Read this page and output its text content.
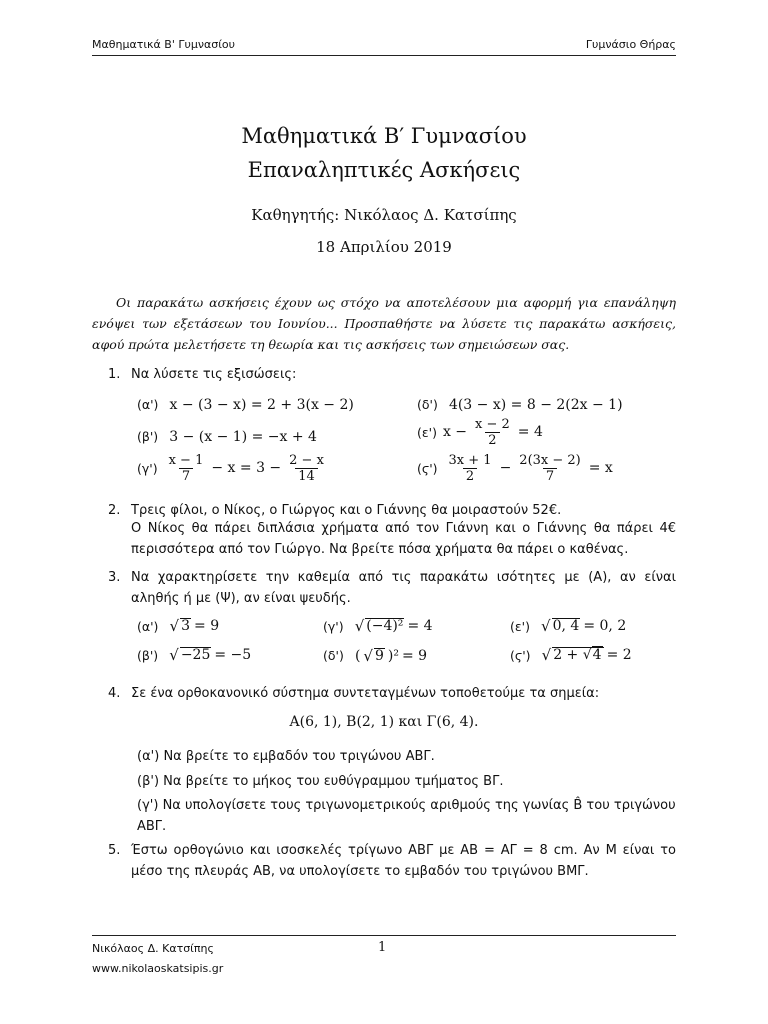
Μαθηματικά Β' Γυμνασίου	Γυμνάσιο Θήρας
Μαθηματικά Β′ Γυμνασίου
Επαναληπτικές Ασκήσεις
Καθηγητής: Νικόλαος Δ. Κατσίπης
18 Απριλίου 2019
Οι παρακάτω ασκήσεις έχουν ως στόχο να αποτελέσουν μια αφορμή για επανάληψη ενόψει των εξετάσεων του Ιουνίου... Προσπαθήστε να λύσετε τις παρακάτω ασκήσεις, αφού πρώτα μελετήσετε τη θεωρία και τις ασκήσεις των σημειώσεων σας.
1. Να λύσετε τις εξισώσεις:
(α') x − (3 − x) = 2 + 3(x − 2)
(β') 3 − (x − 1) = −x + 4
$(\gamma') \frac{x - 1}{7} - x = 3 - \frac{2 - x}{14}$
(δ') 4(3 − x) = 8 − 2(2x − 1)
(ε') $x - \frac{x - 2}{2} = 4$
$(ϛ') \frac{3x + 1}{2} - \frac{2(3x - 2)}{7} = x$
2. Τρεις φίλοι, ο Νίκος, ο Γιώργος και ο Γιάννης θα μοιραστούν 52€.
Ο Νίκος θα πάρει διπλάσια χρήματα από τον Γιάννη και ο Γιάννης θα πάρει 4€ περισσότερα από τον Γιώργο. Να βρείτε πόσα χρήματα θα πάρει ο καθένας.
3. Να χαρακτηρίσετε την καθεμία από τις παρακάτω ισότητες με (Α), αν είναι αληθής ή με (Ψ), αν είναι ψευδής.
(α') √ 3 = 9
(β') √ −25 = −5
(γ') √ (−4)² = 4
(δ') ( √ 9 )² = 9
(ε') √ 0, 4 = 0, 2
(ϛ') √ 2 + √4 = 2
4. Σε ένα ορθοκανονικό σύστημα συντεταγμένων τοποθετούμε τα σημεία:
Α(6, 1), Β(2, 1) και Γ(6, 4).
(α') Να βρείτε το εμβαδόν του τριγώνου ΑΒΓ.
(β') Να βρείτε το μήκος του ευθύγραμμου τμήματος ΒΓ.
(γ') Να υπολογίσετε τους τριγωνομετρικούς αριθμούς της γωνίας B̂ του τριγώνου ΑΒΓ.
5. Έστω ορθογώνιο και ισοσκελές τρίγωνο ΑΒΓ με ΑΒ = ΑΓ = 8 cm. Αν Μ είναι το μέσο της πλευράς ΑΒ, να υπολογίσετε το εμβαδόν του τριγώνου ΒΜΓ.
Νικόλαος Δ. Κατσίπης	1
www.nikolaoskatsipis.gr
